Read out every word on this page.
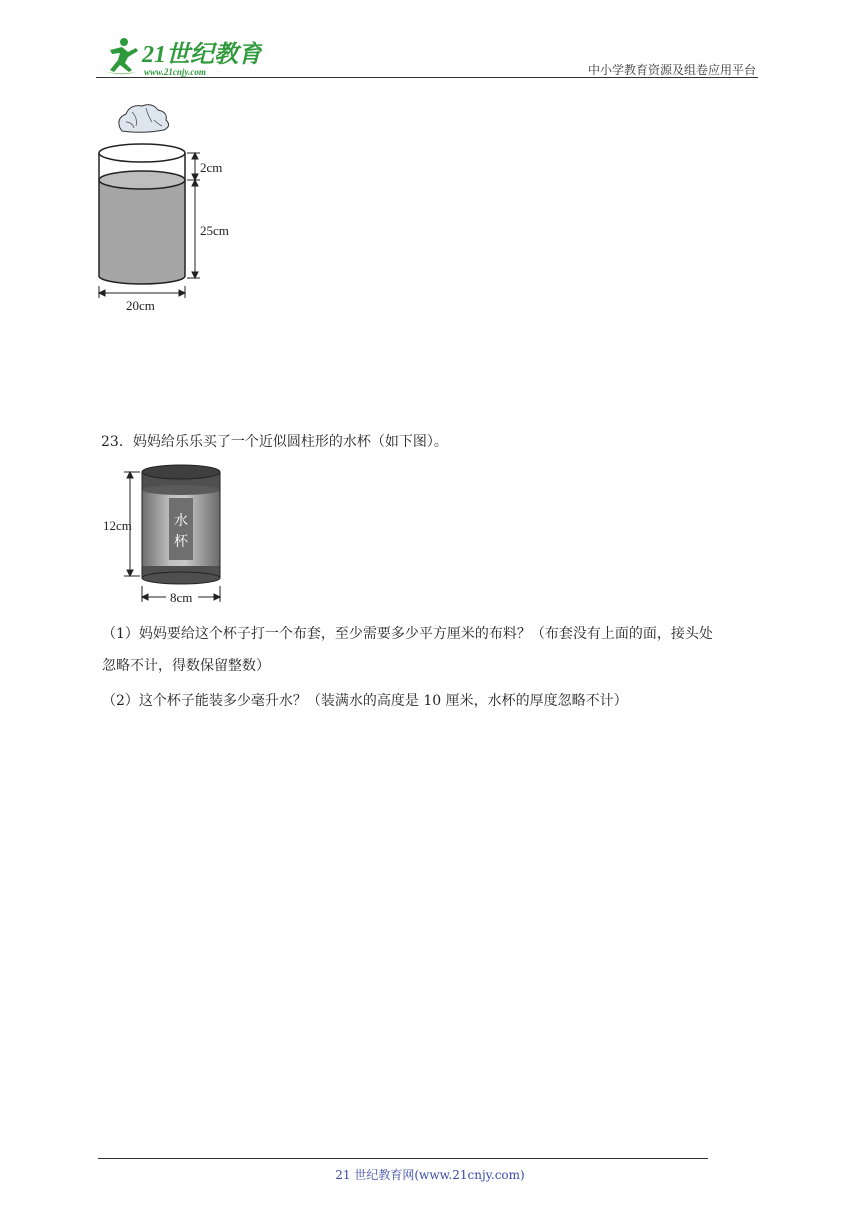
21世纪教育
www.21cnjy.com	中小学教育资源及组卷应用平台
2cm
25cm
20cm
23．妈妈给乐乐买了一个近似圆柱形的水杯（如下图）。
水
杯
12cm
8cm
（1）妈妈要给这个杯子打一个布套，至少需要多少平方厘米的布料？（布套没有上面的面，接头处
忽略不计，得数保留整数）
（2）这个杯子能装多少毫升水？（装满水的高度是 10 厘米，水杯的厚度忽略不计）
21 世纪教育网(www.21cnjy.com)
